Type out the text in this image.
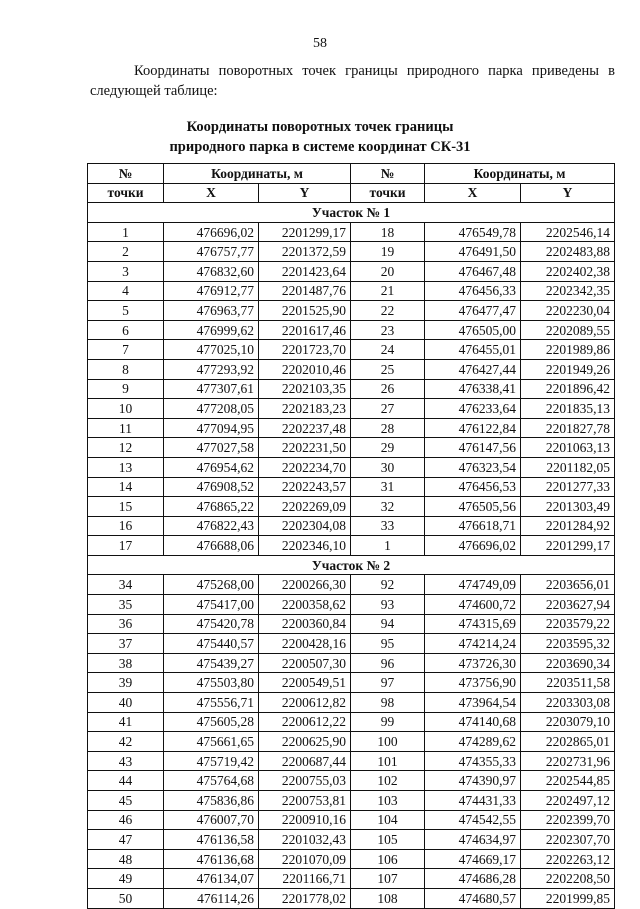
58

Координаты поворотных точек границы природного парка приведены в следующей таблице:

Координаты поворотных точек границы
природного парка в системе координат СК-31
№	Координаты, м		№	Координаты, м	
точки	X	Y	точки	X	Y
Участок № 1					
1	476696,02	2201299,17	18	476549,78	2202546,14
2	476757,77	2201372,59	19	476491,50	2202483,88
3	476832,60	2201423,64	20	476467,48	2202402,38
4	476912,77	2201487,76	21	476456,33	2202342,35
5	476963,77	2201525,90	22	476477,47	2202230,04
6	476999,62	2201617,46	23	476505,00	2202089,55
7	477025,10	2201723,70	24	476455,01	2201989,86
8	477293,92	2202010,46	25	476427,44	2201949,26
9	477307,61	2202103,35	26	476338,41	2201896,42
10	477208,05	2202183,23	27	476233,64	2201835,13
11	477094,95	2202237,48	28	476122,84	2201827,78
12	477027,58	2202231,50	29	476147,56	2201063,13
13	476954,62	2202234,70	30	476323,54	2201182,05
14	476908,52	2202243,57	31	476456,53	2201277,33
15	476865,22	2202269,09	32	476505,56	2201303,49
16	476822,43	2202304,08	33	476618,71	2201284,92
17	476688,06	2202346,10	1	476696,02	2201299,17
Участок № 2					
34	475268,00	2200266,30	92	474749,09	2203656,01
35	475417,00	2200358,62	93	474600,72	2203627,94
36	475420,78	2200360,84	94	474315,69	2203579,22
37	475440,57	2200428,16	95	474214,24	2203595,32
38	475439,27	2200507,30	96	473726,30	2203690,34
39	475503,80	2200549,51	97	473756,90	2203511,58
40	475556,71	2200612,82	98	473964,54	2203303,08
41	475605,28	2200612,22	99	474140,68	2203079,10
42	475661,65	2200625,90	100	474289,62	2202865,01
43	475719,42	2200687,44	101	474355,33	2202731,96
44	475764,68	2200755,03	102	474390,97	2202544,85
45	475836,86	2200753,81	103	474431,33	2202497,12
46	476007,70	2200910,16	104	474542,55	2202399,70
47	476136,58	2201032,43	105	474634,97	2202307,70
48	476136,68	2201070,09	106	474669,17	2202263,12
49	476134,07	2201166,71	107	474686,28	2202208,50
50	476114,26	2201778,02	108	474680,57	2201999,85
